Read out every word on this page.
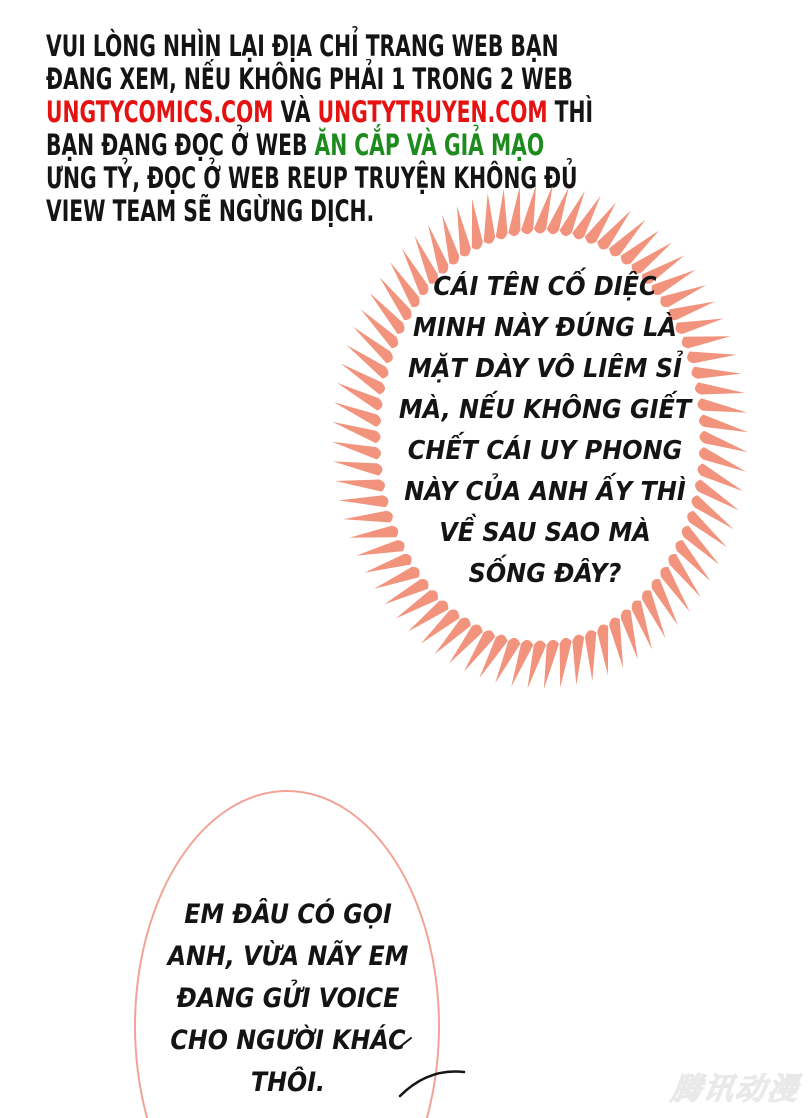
VUI LÒNG NHÌN LẠI ĐỊA CHỈ TRANG WEB BẠN
ĐANG XEM, NẾU KHÔNG PHẢI 1 TRONG 2 WEB
UNGTYCOMICS.COM VÀ UNGTYTRUYEN.COM THÌ
BẠN ĐANG ĐỌC Ở WEB ĂN CẮP VÀ GIẢ MẠO
ƯNG TỶ, ĐỌC Ở WEB REUP TRUYỆN KHÔNG ĐỦ
VIEW TEAM SẼ NGỪNG DỊCH.
CÁI TÊN CỐ DIỆC
MINH NÀY ĐÚNG LÀ
MẶT DÀY VÔ LIÊM SỈ
MÀ, NẾU KHÔNG GIẾT
CHẾT CÁI UY PHONG
NÀY CỦA ANH ẤY THÌ
VỀ SAU SAO MÀ
SỐNG ĐÂY?
EM ĐÂU CÓ GỌI
ANH, VỪA NÃY EM
ĐANG GỬI VOICE
CHO NGƯỜI KHÁC
THÔI.	腾讯动漫
